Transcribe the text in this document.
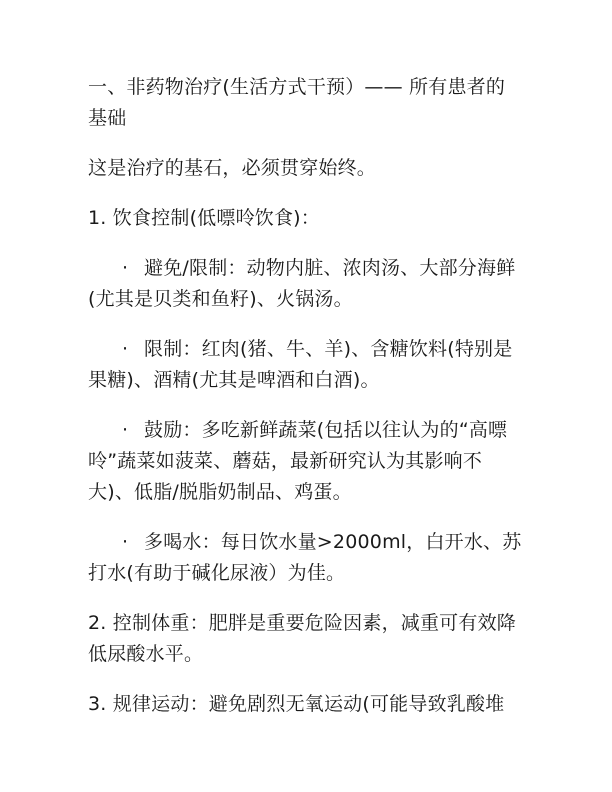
一、非药物治疗(生活方式干预）—— 所有患者的基础

这是治疗的基石，必须贯穿始终。

1. 饮食控制(低嘌呤饮食)：

· 避免/限制：动物内脏、浓肉汤、大部分海鲜(尤其是贝类和鱼籽)、火锅汤。

· 限制：红肉(猪、牛、羊)、含糖饮料(特别是果糖)、酒精(尤其是啤酒和白酒)。

· 鼓励：多吃新鲜蔬菜(包括以往认为的“高嘌呤”蔬菜如菠菜、蘑菇，最新研究认为其影响不大)、低脂/脱脂奶制品、鸡蛋。

· 多喝水：每日饮水量>2000ml，白开水、苏打水(有助于碱化尿液）为佳。

2. 控制体重：肥胖是重要危险因素，减重可有效降低尿酸水平。

3. 规律运动：避免剧烈无氧运动(可能导致乳酸堆
